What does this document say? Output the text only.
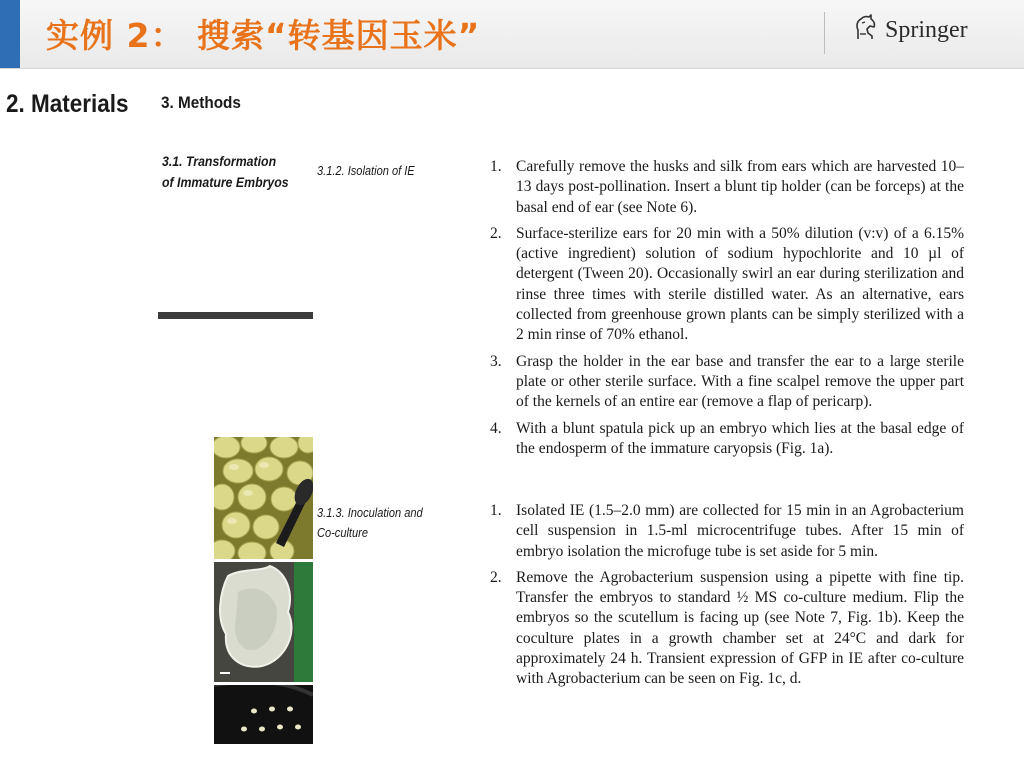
实例 2： 搜索“转基因玉米”	Springer
2. Materials 3. Methods
3.1. Transformation
of Immature Embryos
3.1.2. Isolation of IE
3.1.3. Inoculation and
Co-culture
1. Carefully remove the husks and silk from ears which are harvested 10–13 days post-pollination. Insert a blunt tip holder (can be forceps) at the basal end of ear (see Note 6).
2. Surface-sterilize ears for 20 min with a 50% dilution (v:v) of a 6.15% (active ingredient) solution of sodium hypochlorite and 10 µl of detergent (Tween 20). Occasionally swirl an ear during sterilization and rinse three times with sterile distilled water. As an alternative, ears collected from greenhouse grown plants can be simply sterilized with a 2 min rinse of 70% ethanol.
3. Grasp the holder in the ear base and transfer the ear to a large sterile plate or other sterile surface. With a fine scalpel remove the upper part of the kernels of an entire ear (remove a flap of pericarp).
4. With a blunt spatula pick up an embryo which lies at the basal edge of the endosperm of the immature caryopsis (Fig. 1a).
1. Isolated IE (1.5–2.0 mm) are collected for 15 min in an Agrobacterium cell suspension in 1.5-ml microcentrifuge tubes. After 15 min of embryo isolation the microfuge tube is set aside for 5 min.
2. Remove the Agrobacterium suspension using a pipette with fine tip. Transfer the embryos to standard ½ MS co-culture medium. Flip the embryos so the scutellum is facing up (see Note 7, Fig. 1b). Keep the coculture plates in a growth chamber set at 24°C and dark for approximately 24 h. Transient expression of GFP in IE after co-culture with Agrobacterium can be seen on Fig. 1c, d.
